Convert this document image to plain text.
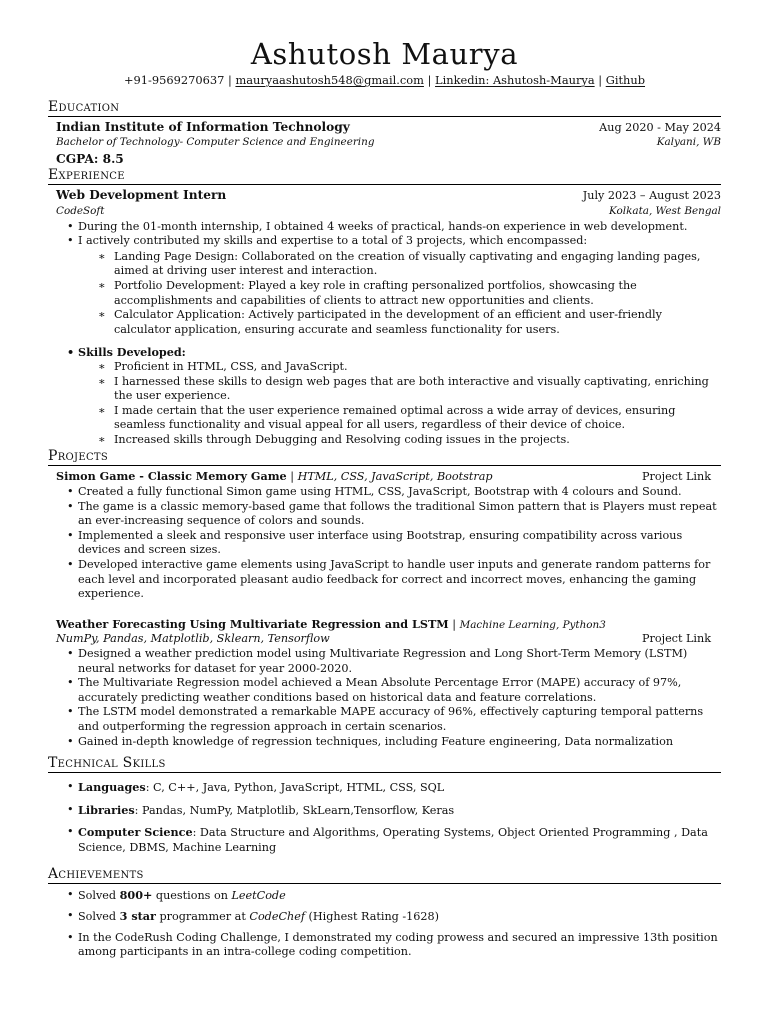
Ashutosh Maurya
+91-9569270637 | mauryaashutosh548@gmail.com | Linkedin: Ashutosh-Maurya | Github
Education
Indian Institute of Information Technology	Aug 2020 - May 2024
Bachelor of Technology- Computer Science and Engineering	Kalyani, WB
CGPA: 8.5
Experience
Web Development Intern	July 2023 – August 2023
CodeSoft	Kolkata, West Bengal
• During the 01-month internship, I obtained 4 weeks of practical, hands-on experience in web development.
• I actively contributed my skills and expertise to a total of 3 projects, which encompassed:
∗ Landing Page Design: Collaborated on the creation of visually captivating and engaging landing pages, aimed at driving user interest and interaction.
∗ Portfolio Development: Played a key role in crafting personalized portfolios, showcasing the accomplishments and capabilities of clients to attract new opportunities and clients.
∗ Calculator Application: Actively participated in the development of an efficient and user-friendly calculator application, ensuring accurate and seamless functionality for users.
• Skills Developed:
∗ Proficient in HTML, CSS, and JavaScript.
∗ I harnessed these skills to design web pages that are both interactive and visually captivating, enriching the user experience.
∗ I made certain that the user experience remained optimal across a wide array of devices, ensuring seamless functionality and visual appeal for all users, regardless of their device of choice.
∗ Increased skills through Debugging and Resolving coding issues in the projects.
Projects
Simon Game - Classic Memory Game | HTML, CSS, JavaScript, Bootstrap	Project Link
• Created a fully functional Simon game using HTML, CSS, JavaScript, Bootstrap with 4 colours and Sound.
• The game is a classic memory-based game that follows the traditional Simon pattern that is Players must repeat an ever-increasing sequence of colors and sounds.
• Implemented a sleek and responsive user interface using Bootstrap, ensuring compatibility across various devices and screen sizes.
• Developed interactive game elements using JavaScript to handle user inputs and generate random patterns for each level and incorporated pleasant audio feedback for correct and incorrect moves, enhancing the gaming experience.
Weather Forecasting Using Multivariate Regression and LSTM | Machine Learning, Python3
NumPy, Pandas, Matplotlib, Sklearn, Tensorflow	Project Link
• Designed a weather prediction model using Multivariate Regression and Long Short-Term Memory (LSTM) neural networks for dataset for year 2000-2020.
• The Multivariate Regression model achieved a Mean Absolute Percentage Error (MAPE) accuracy of 97%, accurately predicting weather conditions based on historical data and feature correlations.
• The LSTM model demonstrated a remarkable MAPE accuracy of 96%, effectively capturing temporal patterns and outperforming the regression approach in certain scenarios.
• Gained in-depth knowledge of regression techniques, including Feature engineering, Data normalization
Technical Skills
• Languages: C, C++, Java, Python, JavaScript, HTML, CSS, SQL
• Libraries: Pandas, NumPy, Matplotlib, SkLearn,Tensorflow, Keras
• Computer Science: Data Structure and Algorithms, Operating Systems, Object Oriented Programming , Data Science, DBMS, Machine Learning
Achievements
• Solved 800+ questions on LeetCode
• Solved 3 star programmer at CodeChef (Highest Rating -1628)
• In the CodeRush Coding Challenge, I demonstrated my coding prowess and secured an impressive 13th position among participants in an intra-college coding competition.
